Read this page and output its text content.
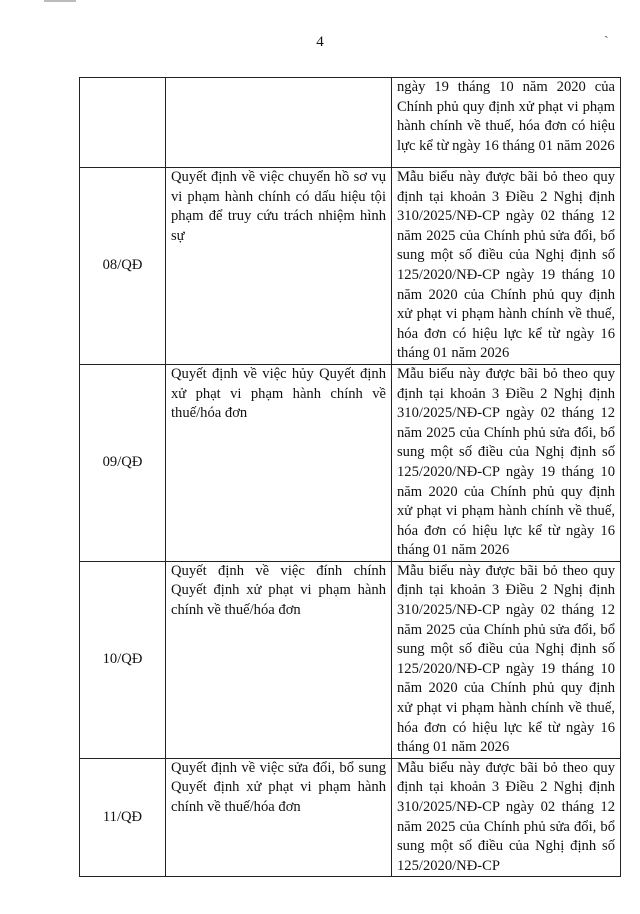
4
ˎ
		ngày 19 tháng 10 năm 2020 của Chính phủ quy định xử phạt vi phạm hành chính về thuế, hóa đơn có hiệu lực kể từ ngày 16 tháng 01 năm 2026
08/QĐ	Quyết định về việc chuyển hồ sơ vụ vi phạm hành chính có dấu hiệu tội phạm để truy cứu trách nhiệm hình sự	Mẫu biểu này được bãi bỏ theo quy định tại khoản 3 Điều 2 Nghị định 310/2025/NĐ-CP ngày 02 tháng 12 năm 2025 của Chính phủ sửa đổi, bổ sung một số điều của Nghị định số 125/2020/NĐ-CP ngày 19 tháng 10 năm 2020 của Chính phủ quy định xử phạt vi phạm hành chính về thuế, hóa đơn có hiệu lực kể từ ngày 16 tháng 01 năm 2026
09/QĐ	Quyết định về việc hủy Quyết định xử phạt vi phạm hành chính về thuế/hóa đơn	Mẫu biểu này được bãi bỏ theo quy định tại khoản 3 Điều 2 Nghị định 310/2025/NĐ-CP ngày 02 tháng 12 năm 2025 của Chính phủ sửa đổi, bổ sung một số điều của Nghị định số 125/2020/NĐ-CP ngày 19 tháng 10 năm 2020 của Chính phủ quy định xử phạt vi phạm hành chính về thuế, hóa đơn có hiệu lực kể từ ngày 16 tháng 01 năm 2026
10/QĐ	Quyết định về việc đính chính Quyết định xử phạt vi phạm hành chính về thuế/hóa đơn	Mẫu biểu này được bãi bỏ theo quy định tại khoản 3 Điều 2 Nghị định 310/2025/NĐ-CP ngày 02 tháng 12 năm 2025 của Chính phủ sửa đổi, bổ sung một số điều của Nghị định số 125/2020/NĐ-CP ngày 19 tháng 10 năm 2020 của Chính phủ quy định xử phạt vi phạm hành chính về thuế, hóa đơn có hiệu lực kể từ ngày 16 tháng 01 năm 2026
11/QĐ	Quyết định về việc sửa đổi, bổ sung Quyết định xử phạt vi phạm hành chính về thuế/hóa đơn	Mẫu biểu này được bãi bỏ theo quy định tại khoản 3 Điều 2 Nghị định 310/2025/NĐ-CP ngày 02 tháng 12 năm 2025 của Chính phủ sửa đổi, bổ sung một số điều của Nghị định số 125/2020/NĐ-CP
